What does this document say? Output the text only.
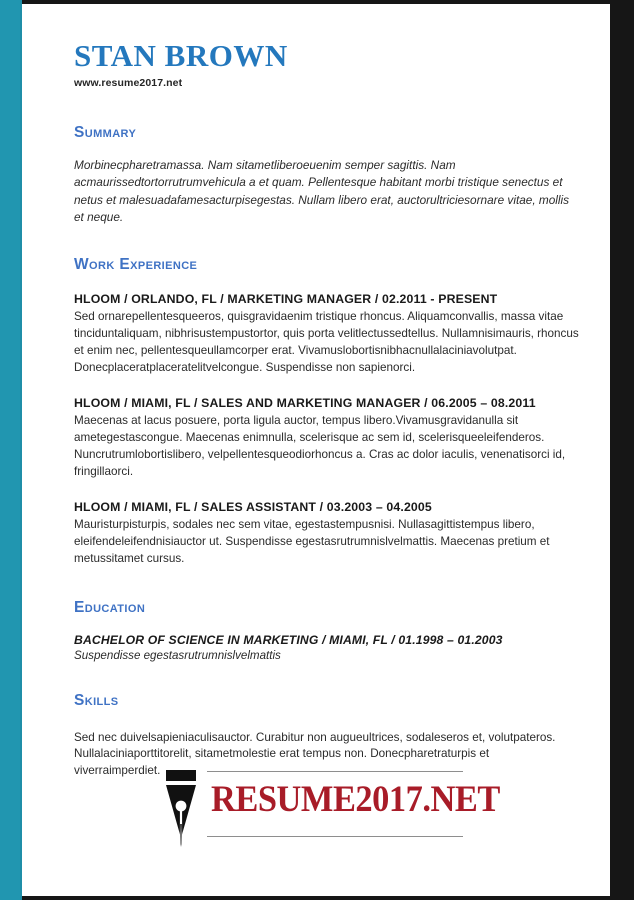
STAN BROWN
www.resume2017.net
Summary
Morbinecpharetramassa. Nam sitametliberoeuenim semper sagittis. Nam acmaurissedtortorrutrumvehicula a et quam. Pellentesque habitant morbi tristique senectus et netus et malesuadafamesacturpisegestas. Nullam libero erat, auctorultriciesornare vitae, mollis et neque.
Work Experience
HLOOM / ORLANDO, FL / MARKETING MANAGER / 02.2011 - PRESENT
Sed ornarepellentesqueeros, quisgravidaenim tristique rhoncus. Aliquamconvallis, massa vitae tinciduntaliquam, nibhrisustempustortor, quis porta velitlectussedtellus. Nullamnisimauris, rhoncus et enim nec, pellentesqueullamcorper erat. Vivamuslobortisnibhacnullalaciniavolutpat. Donecplaceratplaceratelitvelcongue. Suspendisse non sapienorci.
HLOOM / MIAMI, FL / SALES AND MARKETING MANAGER / 06.2005 – 08.2011
Maecenas at lacus posuere, porta ligula auctor, tempus libero.Vivamusgravidanulla sit ametegestascongue. Maecenas enimnulla, scelerisque ac sem id, scelerisqueeleifenderos. Nuncrutrumlobortislibero, velpellentesqueodiorhoncus a. Cras ac dolor iaculis, venenatisorci id, fringillaorci.
HLOOM / MIAMI, FL / SALES ASSISTANT / 03.2003 – 04.2005
Mauristurpisturpis, sodales nec sem vitae, egestastempusnisi. Nullasagittistempus libero, eleifendeleifendnisiauctor ut. Suspendisse egestasrutrumnislvelmattis. Maecenas pretium et metussitamet cursus.
Education
BACHELOR OF SCIENCE IN MARKETING / MIAMI, FL / 01.1998 – 01.2003
Suspendisse egestasrutrumnislvelmattis
Skills
Sed nec duivelsapieniaculisauctor. Curabitur non augueultrices, sodaleseros et, volutpateros. Nullalaciniaporttitorelit, sitametmolestie erat tempus non. Donecpharetraturpis et viverraimperdiet.
RESUME2017.NET
